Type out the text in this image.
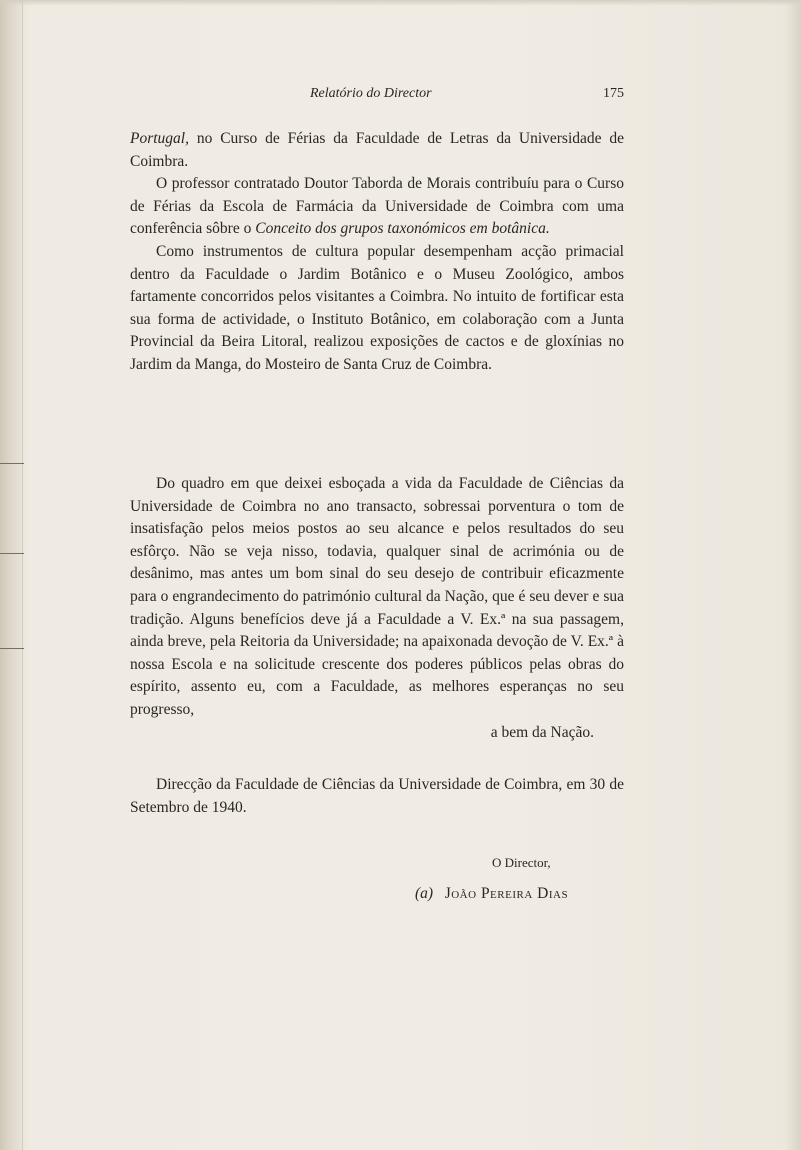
Relatório do Director	175

Portugal, no Curso de Férias da Faculdade de Letras da Universidade de Coimbra.

O professor contratado Doutor Taborda de Morais contribuíu para o Curso de Férias da Escola de Farmácia da Universidade de Coimbra com uma conferência sôbre o Conceito dos grupos taxonómicos em botânica.

Como instrumentos de cultura popular desempenham acção primacial dentro da Faculdade o Jardim Botânico e o Museu Zoológico, ambos fartamente concorridos pelos visitantes a Coimbra. No intuito de fortificar esta sua forma de actividade, o Instituto Botânico, em colaboração com a Junta Provincial da Beira Litoral, realizou exposições de cactos e de gloxínias no Jardim da Manga, do Mosteiro de Santa Cruz de Coimbra.

Do quadro em que deixei esboçada a vida da Faculdade de Ciências da Universidade de Coimbra no ano transacto, sobressai porventura o tom de insatisfação pelos meios postos ao seu alcance e pelos resultados do seu esfôrço. Não se veja nisso, todavia, qualquer sinal de acrimónia ou de desânimo, mas antes um bom sinal do seu desejo de contribuir eficazmente para o engrandecimento do património cultural da Nação, que é seu dever e sua tradição. Alguns benefícios deve já a Faculdade a V. Ex.ª na sua passagem, ainda breve, pela Reitoria da Universidade; na apaixonada devoção de V. Ex.ª à nossa Escola e na solicitude crescente dos poderes públicos pelas obras do espírito, assento eu, com a Faculdade, as melhores esperanças no seu progresso,

a bem da Nação.

Direcção da Faculdade de Ciências da Universidade de Coimbra, em 30 de Setembro de 1940.

O Director,
(a) João Pereira Dias
